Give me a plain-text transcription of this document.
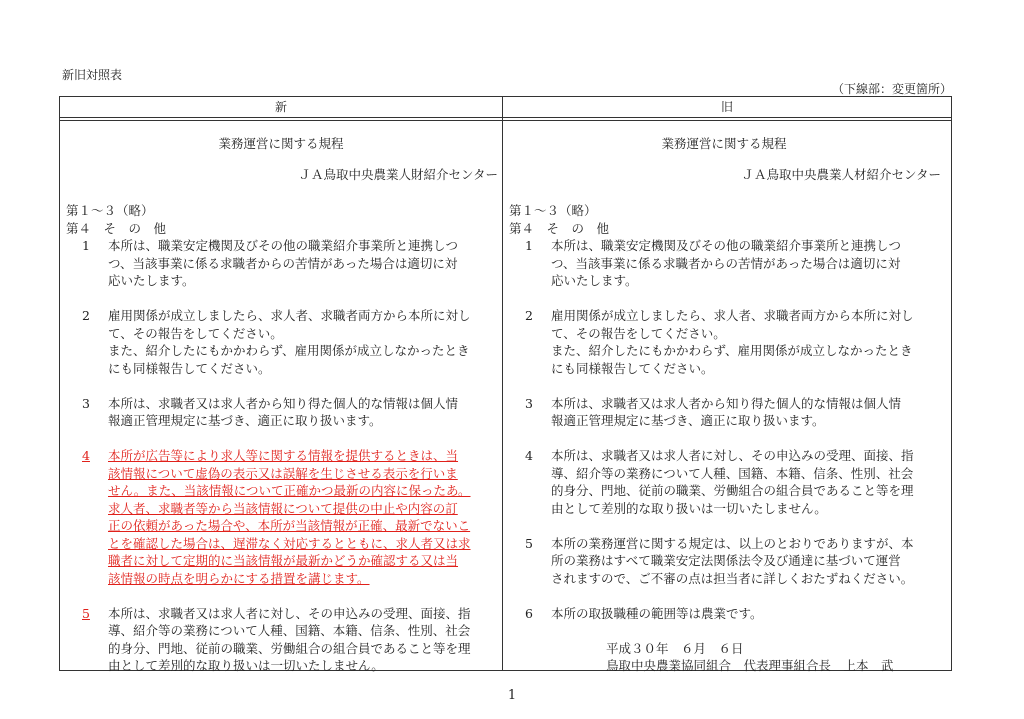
新旧対照表
（下線部：変更箇所）
新	旧
業務運営に関する規程
ＪＡ鳥取中央農業人財紹介センター
第１～３（略）
第４　そ　の　他
1 本所は、職業安定機関及びその他の職業紹介事業所と連携しつ
つ、当該事業に係る求職者からの苦情があった場合は適切に対
応いたします。
2 雇用関係が成立しましたら、求人者、求職者両方から本所に対し
て、その報告をしてください。
また、紹介したにもかかわらず、雇用関係が成立しなかったとき
にも同様報告してください。
3 本所は、求職者又は求人者から知り得た個人的な情報は個人情
報適正管理規定に基づき、適正に取り扱います。
4 本所が広告等により求人等に関する情報を提供するときは、当
該情報について虚偽の表示又は誤解を生じさせる表示を行いま
せん。また、当該情報について正確かつ最新の内容に保ったあ。
求人者、求職者等から当該情報について提供の中止や内容の訂
正の依頼があった場合や、本所が当該情報が正確、最新でないこ
とを確認した場合は、遅滞なく対応するとともに、求人者又は求
職者に対して定期的に当該情報が最新かどうか確認する又は当
該情報の時点を明らかにする措置を講じます。
5 本所は、求職者又は求人者に対し、その申込みの受理、面接、指
導、紹介等の業務について人種、国籍、本籍、信条、性別、社会
的身分、門地、従前の職業、労働組合の組合員であること等を理
由として差別的な取り扱いは一切いたしません。
業務運営に関する規程
ＪＡ鳥取中央農業人材紹介センター
第１～３（略）
第４　そ　の　他
1 本所は、職業安定機関及びその他の職業紹介事業所と連携しつ
つ、当該事業に係る求職者からの苦情があった場合は適切に対
応いたします。
2 雇用関係が成立しましたら、求人者、求職者両方から本所に対し
て、その報告をしてください。
また、紹介したにもかかわらず、雇用関係が成立しなかったとき
にも同様報告してください。
3 本所は、求職者又は求人者から知り得た個人的な情報は個人情
報適正管理規定に基づき、適正に取り扱います。
4 本所は、求職者又は求人者に対し、その申込みの受理、面接、指
導、紹介等の業務について人種、国籍、本籍、信条、性別、社会
的身分、門地、従前の職業、労働組合の組合員であること等を理
由として差別的な取り扱いは一切いたしません。
5 本所の業務運営に関する規定は、以上のとおりでありますが、本
所の業務はすべて職業安定法関係法令及び通達に基づいて運営
されますので、ご不審の点は担当者に詳しくおたずねください。
6 本所の取扱職種の範囲等は農業です。
平成３０年　６月　６日
鳥取中央農業協同組合　代表理事組合長　上本　武
1
